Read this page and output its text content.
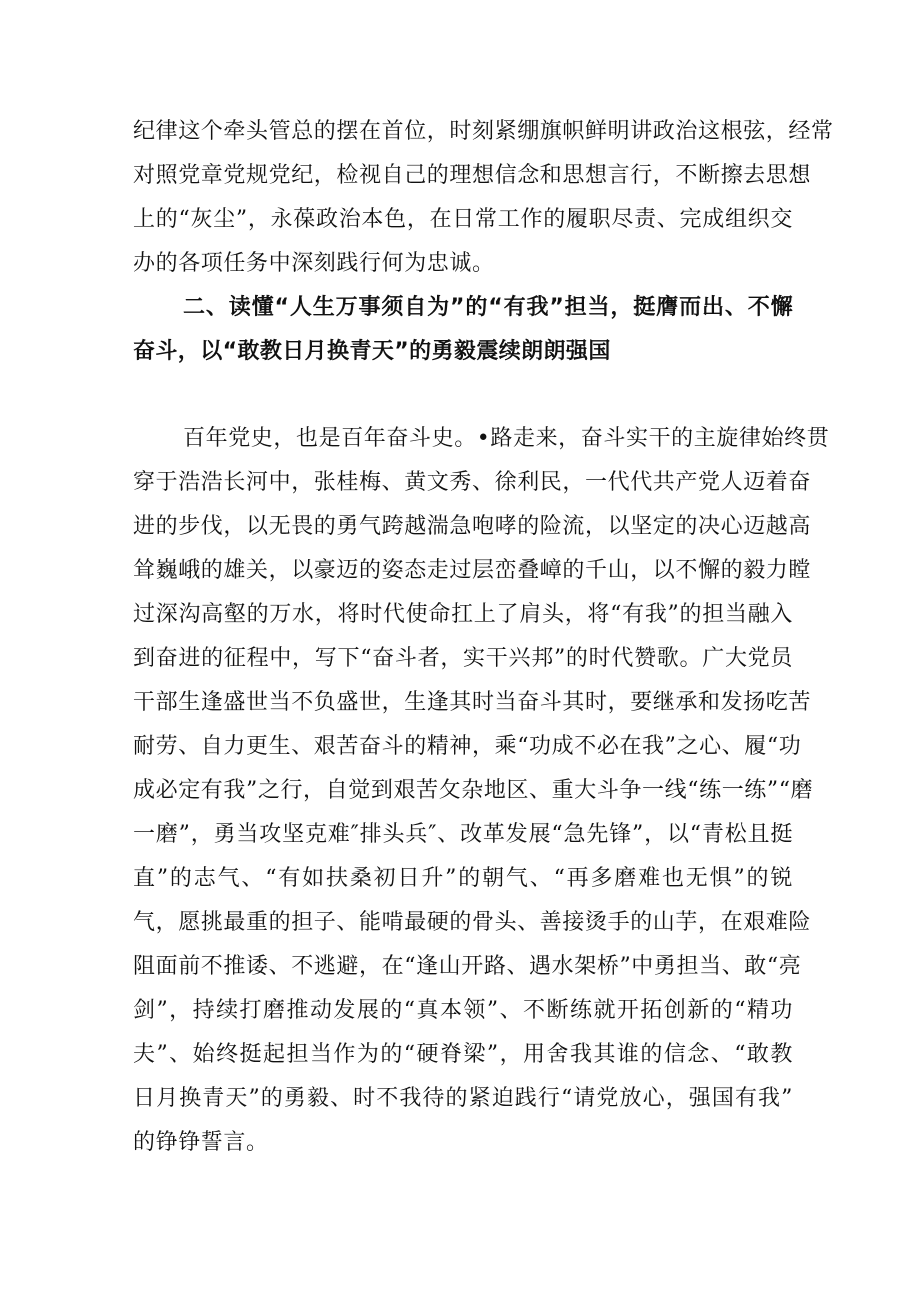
纪律这个牵头管总的摆在首位，时刻紧绷旗帜鲜明讲政治这根弦，经常
对照党章党规党纪，检视自己的理想信念和思想言行，不断擦去思想
上的“灰尘”，永葆政治本色，在日常工作的履职尽责、完成组织交
办的各项任务中深刻践行何为忠诚。
二、读懂“人生万事须自为”的“有我”担当，挺膺而出、不懈
奋斗，以“敢教日月换青天”的勇毅震续朗朗强国
百年党史，也是百年奋斗史。•路走来，奋斗实干的主旋律始终贯
穿于浩浩长河中，张桂梅、黄文秀、徐利民，一代代共产党人迈着奋
进的步伐，以无畏的勇气跨越湍急咆哮的险流，以坚定的决心迈越高
耸巍峨的雄关，以豪迈的姿态走过层峦叠嶂的千山，以不懈的毅力瞠
过深沟高壑的万水，将时代使命扛上了肩头，将“有我”的担当融入
到奋进的征程中，写下“奋斗者，实干兴邦”的时代赞歌。广大党员
干部生逢盛世当不负盛世，生逢其时当奋斗其时，要继承和发扬吃苦
耐劳、自力更生、艰苦奋斗的精神，乘“功成不必在我”之心、履“功
成必定有我”之行，自觉到艰苦攵杂地区、重大斗争一线“练一练”“磨
一磨”，勇当攻坚克难″排头兵″、改革发展“急先锋”，以“青松且挺
直”的志气、“有如扶桑初日升”的朝气、“再多磨难也无惧”的锐
气，愿挑最重的担子、能啃最硬的骨头、善接烫手的山芋，在艰难险
阻面前不推诿、不逃避，在“逢山开路、遇水架桥”中勇担当、敢“亮
剑”，持续打磨推动发展的“真本领”、不断练就开拓创新的“精功
夫”、始终挺起担当作为的“硬脊梁”，用舍我其谁的信念、“敢教
日月换青天”的勇毅、时不我待的紧迫践行“请党放心，强国有我”
的铮铮誓言。
